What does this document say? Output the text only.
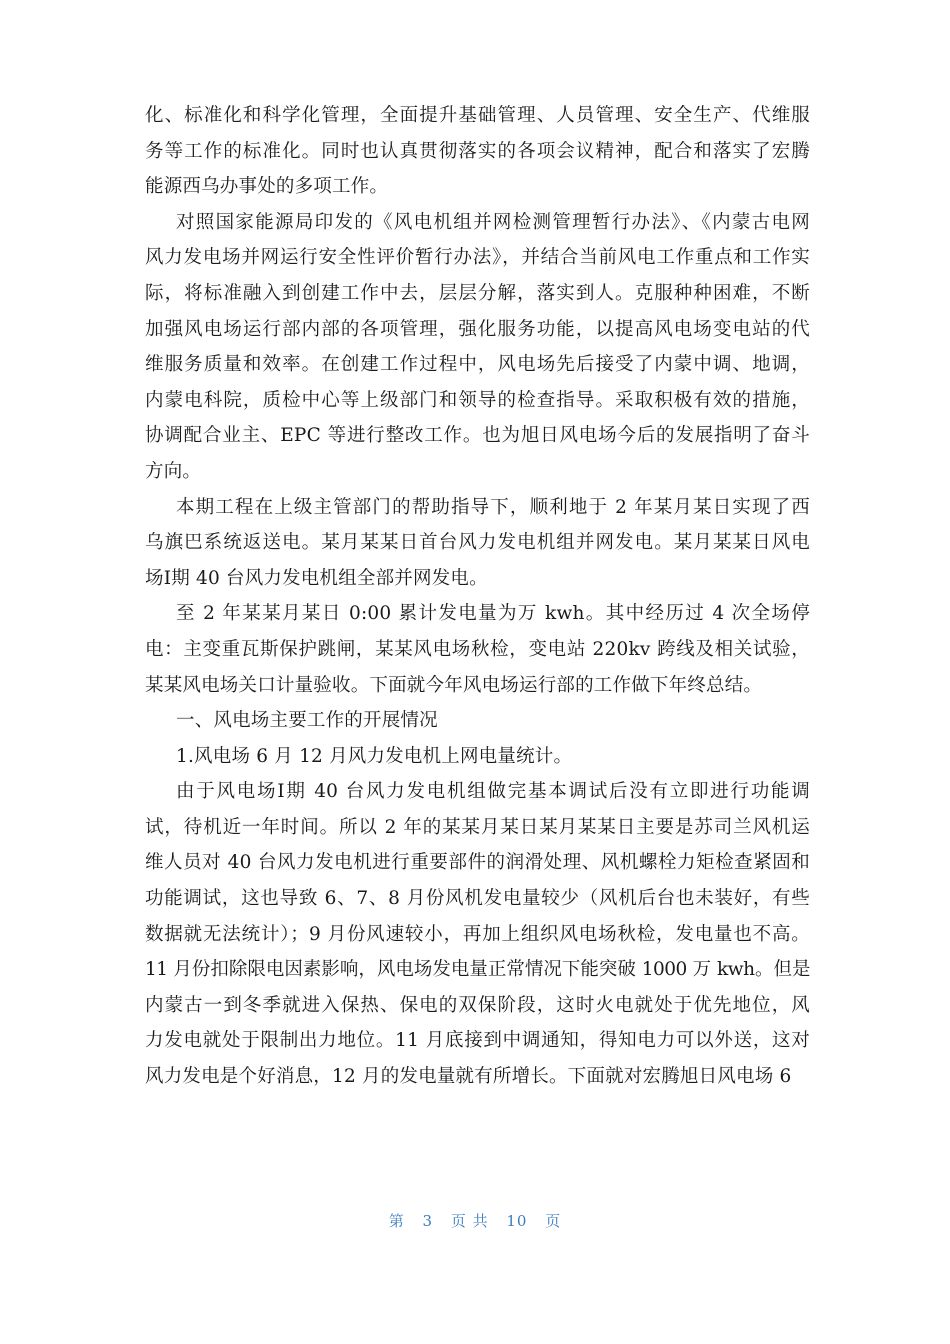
化、标准化和科学化管理，全面提升基础管理、人员管理、安全生产、代维服
务等工作的标准化。同时也认真贯彻落实的各项会议精神，配合和落实了宏腾
能源西乌办事处的多项工作。
对照国家能源局印发的《风电机组并网检测管理暂行办法》、《内蒙古电网
风力发电场并网运行安全性评价暂行办法》，并结合当前风电工作重点和工作实
际，将标准融入到创建工作中去，层层分解，落实到人。克服种种困难，不断
加强风电场运行部内部的各项管理，强化服务功能，以提高风电场变电站的代
维服务质量和效率。在创建工作过程中，风电场先后接受了内蒙中调、地调，
内蒙电科院，质检中心等上级部门和领导的检查指导。采取积极有效的措施，
协调配合业主、EPC 等进行整改工作。也为旭日风电场今后的发展指明了奋斗
方向。
本期工程在上级主管部门的帮助指导下，顺利地于 2 年某月某日实现了西
乌旗巴系统返送电。某月某某日首台风力发电机组并网发电。某月某某日风电
场Ⅰ期 40 台风力发电机组全部并网发电。
至 2 年某某月某日 0:00 累计发电量为万 kwh。其中经历过 4 次全场停
电：主变重瓦斯保护跳闸，某某风电场秋检，变电站 220kv 跨线及相关试验，
某某风电场关口计量验收。下面就今年风电场运行部的工作做下年终总结。
一、风电场主要工作的开展情况
1.风电场 6 月 12 月风力发电机上网电量统计。
由于风电场Ⅰ期 40 台风力发电机组做完基本调试后没有立即进行功能调
试，待机近一年时间。所以 2 年的某某月某日某月某某日主要是苏司兰风机运
维人员对 40 台风力发电机进行重要部件的润滑处理、风机螺栓力矩检查紧固和
功能调试，这也导致 6、7、8 月份风机发电量较少（风机后台也未装好，有些
数据就无法统计）；9 月份风速较小，再加上组织风电场秋检，发电量也不高。
11 月份扣除限电因素影响，风电场发电量正常情况下能突破 1000 万 kwh。但是
内蒙古一到冬季就进入保热、保电的双保阶段，这时火电就处于优先地位，风
力发电就处于限制出力地位。11 月底接到中调通知，得知电力可以外送，这对
风力发电是个好消息，12 月的发电量就有所增长。下面就对宏腾旭日风电场 6
第 3 页 共 10 页
